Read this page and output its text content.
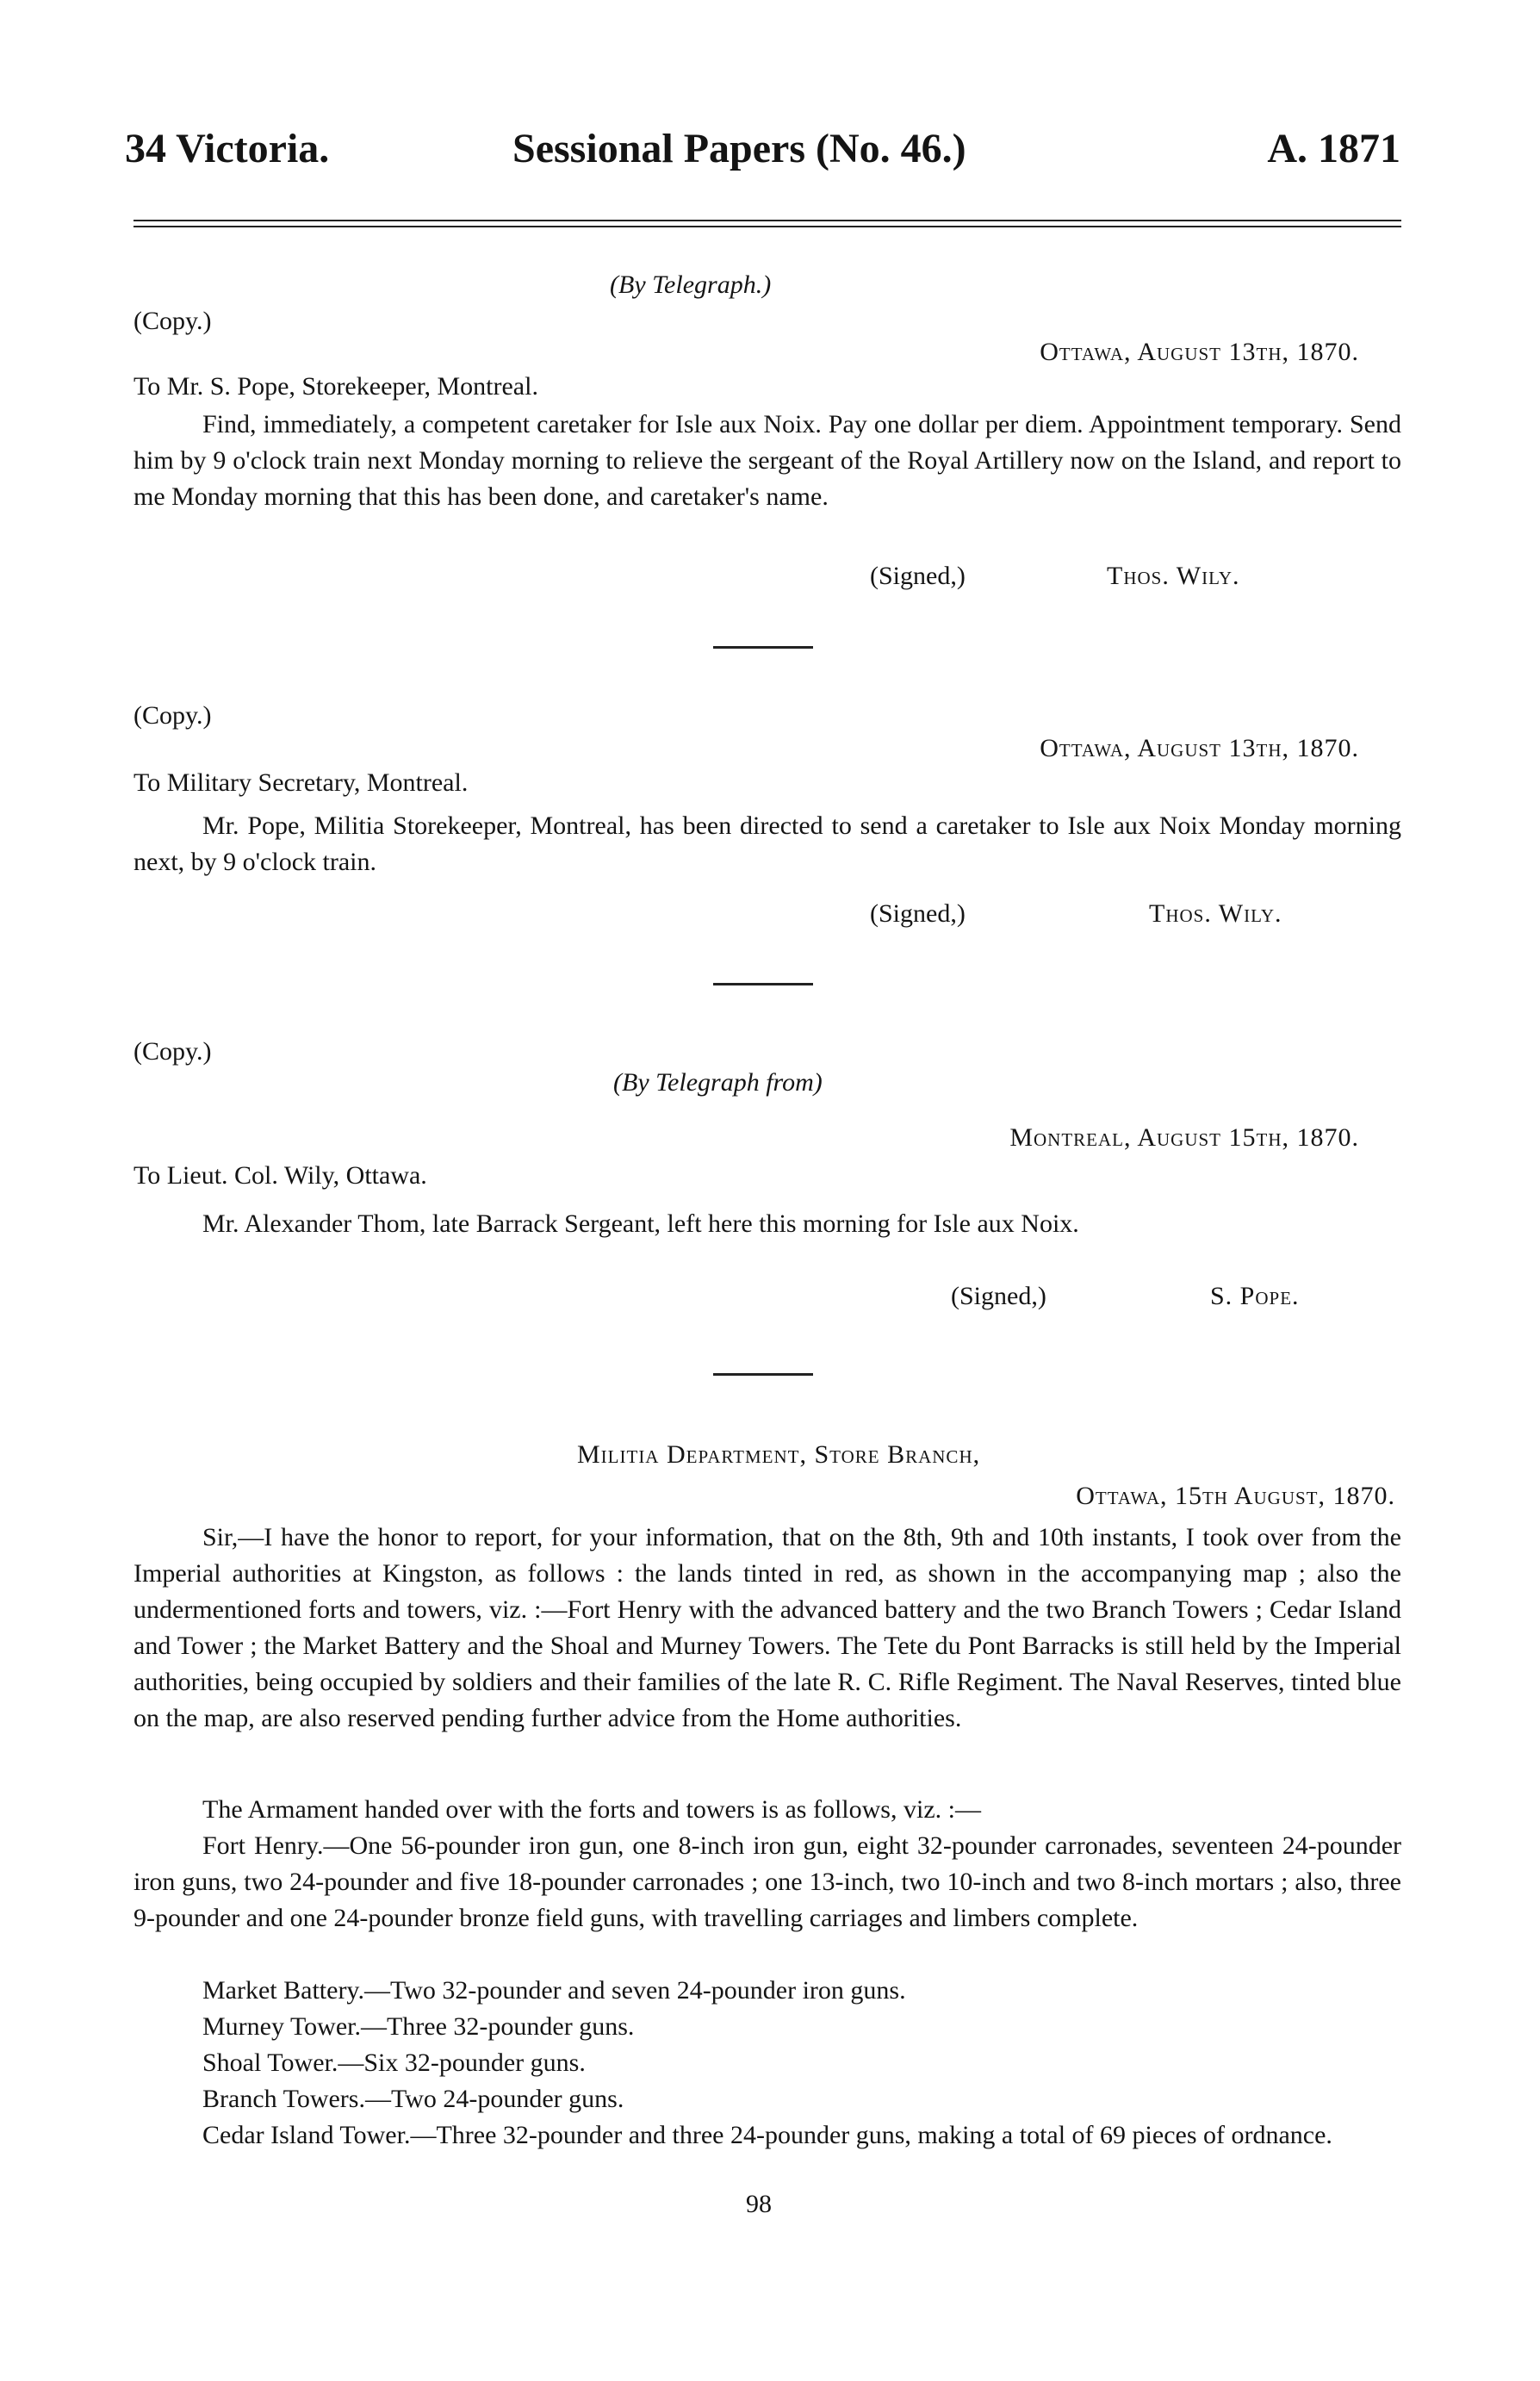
34 Victoria.	Sessional Papers (No. 46.)	A. 1871
(By Telegraph.)
(Copy.)
Ottawa, August 13th, 1870.
To Mr. S. Pope, Storekeeper, Montreal.
Find, immediately, a competent caretaker for Isle aux Noix. Pay one dollar per diem. Appointment temporary. Send him by 9 o'clock train next Monday morning to relieve the sergeant of the Royal Artillery now on the Island, and report to me Monday morning that this has been done, and caretaker's name.
(Signed,)	Thos. Wily.
(Copy.)
Ottawa, August 13th, 1870.
To Military Secretary, Montreal.
Mr. Pope, Militia Storekeeper, Montreal, has been directed to send a caretaker to Isle aux Noix Monday morning next, by 9 o'clock train.
(Signed,)	Thos. Wily.
(Copy.)
(By Telegraph from)
Montreal, August 15th, 1870.
To Lieut. Col. Wily, Ottawa.
Mr. Alexander Thom, late Barrack Sergeant, left here this morning for Isle aux Noix.
(Signed,)	S. Pope.
Militia Department, Store Branch,
Ottawa, 15th August, 1870.
Sir,—I have the honor to report, for your information, that on the 8th, 9th and 10th instants, I took over from the Imperial authorities at Kingston, as follows : the lands tinted in red, as shown in the accompanying map ; also the undermentioned forts and towers, viz. :—Fort Henry with the advanced battery and the two Branch Towers ; Cedar Island and Tower ; the Market Battery and the Shoal and Murney Towers. The Tete du Pont Barracks is still held by the Imperial authorities, being occupied by soldiers and their families of the late R. C. Rifle Regiment. The Naval Reserves, tinted blue on the map, are also reserved pending further advice from the Home authorities.
The Armament handed over with the forts and towers is as follows, viz. :—
Fort Henry.—One 56-pounder iron gun, one 8-inch iron gun, eight 32-pounder carronades, seventeen 24-pounder iron guns, two 24-pounder and five 18-pounder carronades ; one 13-inch, two 10-inch and two 8-inch mortars ; also, three 9-pounder and one 24-pounder bronze field guns, with travelling carriages and limbers complete.
Market Battery.—Two 32-pounder and seven 24-pounder iron guns.
Murney Tower.—Three 32-pounder guns.
Shoal Tower.—Six 32-pounder guns.
Branch Towers.—Two 24-pounder guns.
Cedar Island Tower.—Three 32-pounder and three 24-pounder guns, making a total of 69 pieces of ordnance.
98
